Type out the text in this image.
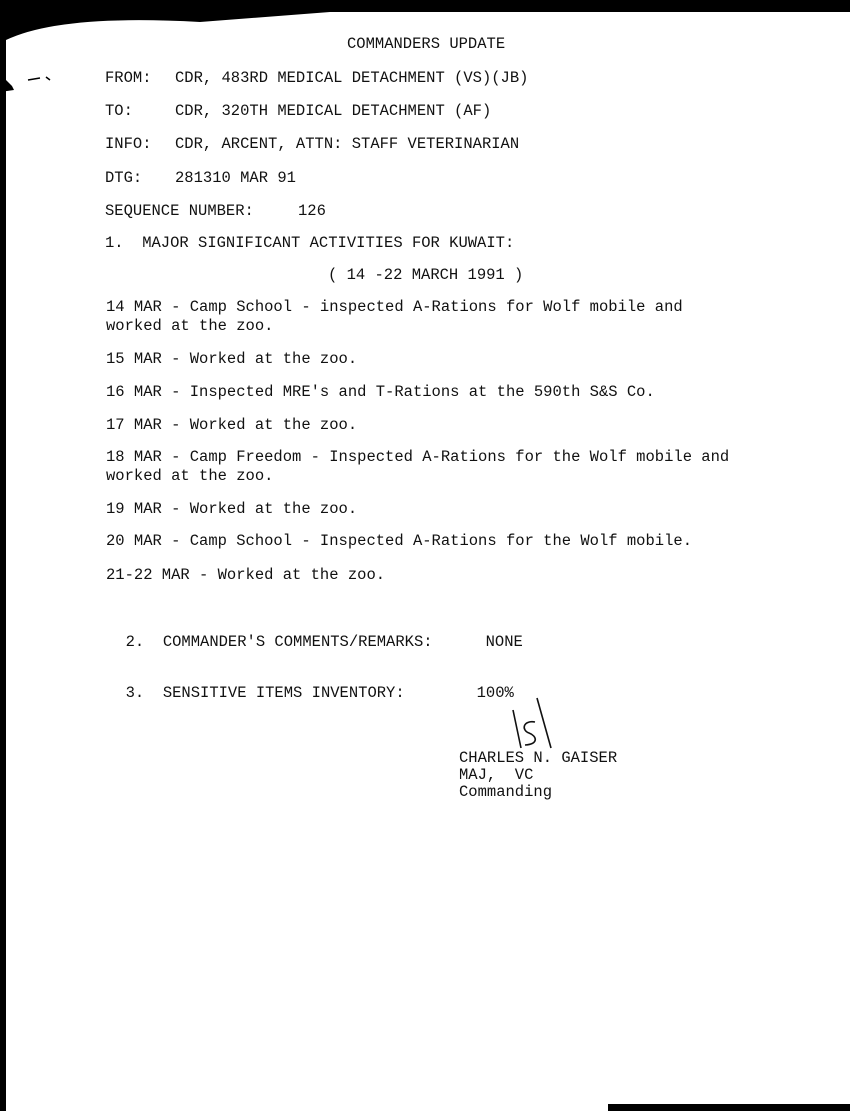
COMMANDERS UPDATE
FROM: CDR, 483RD MEDICAL DETACHMENT (VS)(JB)
TO:	CDR, 320TH MEDICAL DETACHMENT (AF)
INFO: CDR, ARCENT, ATTN: STAFF VETERINARIAN
DTG: 281310 MAR 91
SEQUENCE NUMBER:	126
1.  MAJOR SIGNIFICANT ACTIVITIES FOR KUWAIT:
( 14 -22 MARCH 1991 )
14 MAR - Camp School - inspected A-Rations for Wolf mobile and worked at the zoo.
15 MAR - Worked at the zoo.
16 MAR - Inspected MRE's and T-Rations at the 590th S&S Co.
17 MAR - Worked at the zoo.
18 MAR - Camp Freedom - Inspected A-Rations for the Wolf mobile and worked at the zoo.
19 MAR - Worked at the zoo.
20 MAR - Camp School - Inspected A-Rations for the Wolf mobile.
21-22 MAR - Worked at the zoo.

2.  COMMANDER'S COMMENTS/REMARKS:	NONE

3.  SENSITIVE ITEMS INVENTORY:	100%

CHARLES N. GAISER
MAJ,  VC
Commanding
